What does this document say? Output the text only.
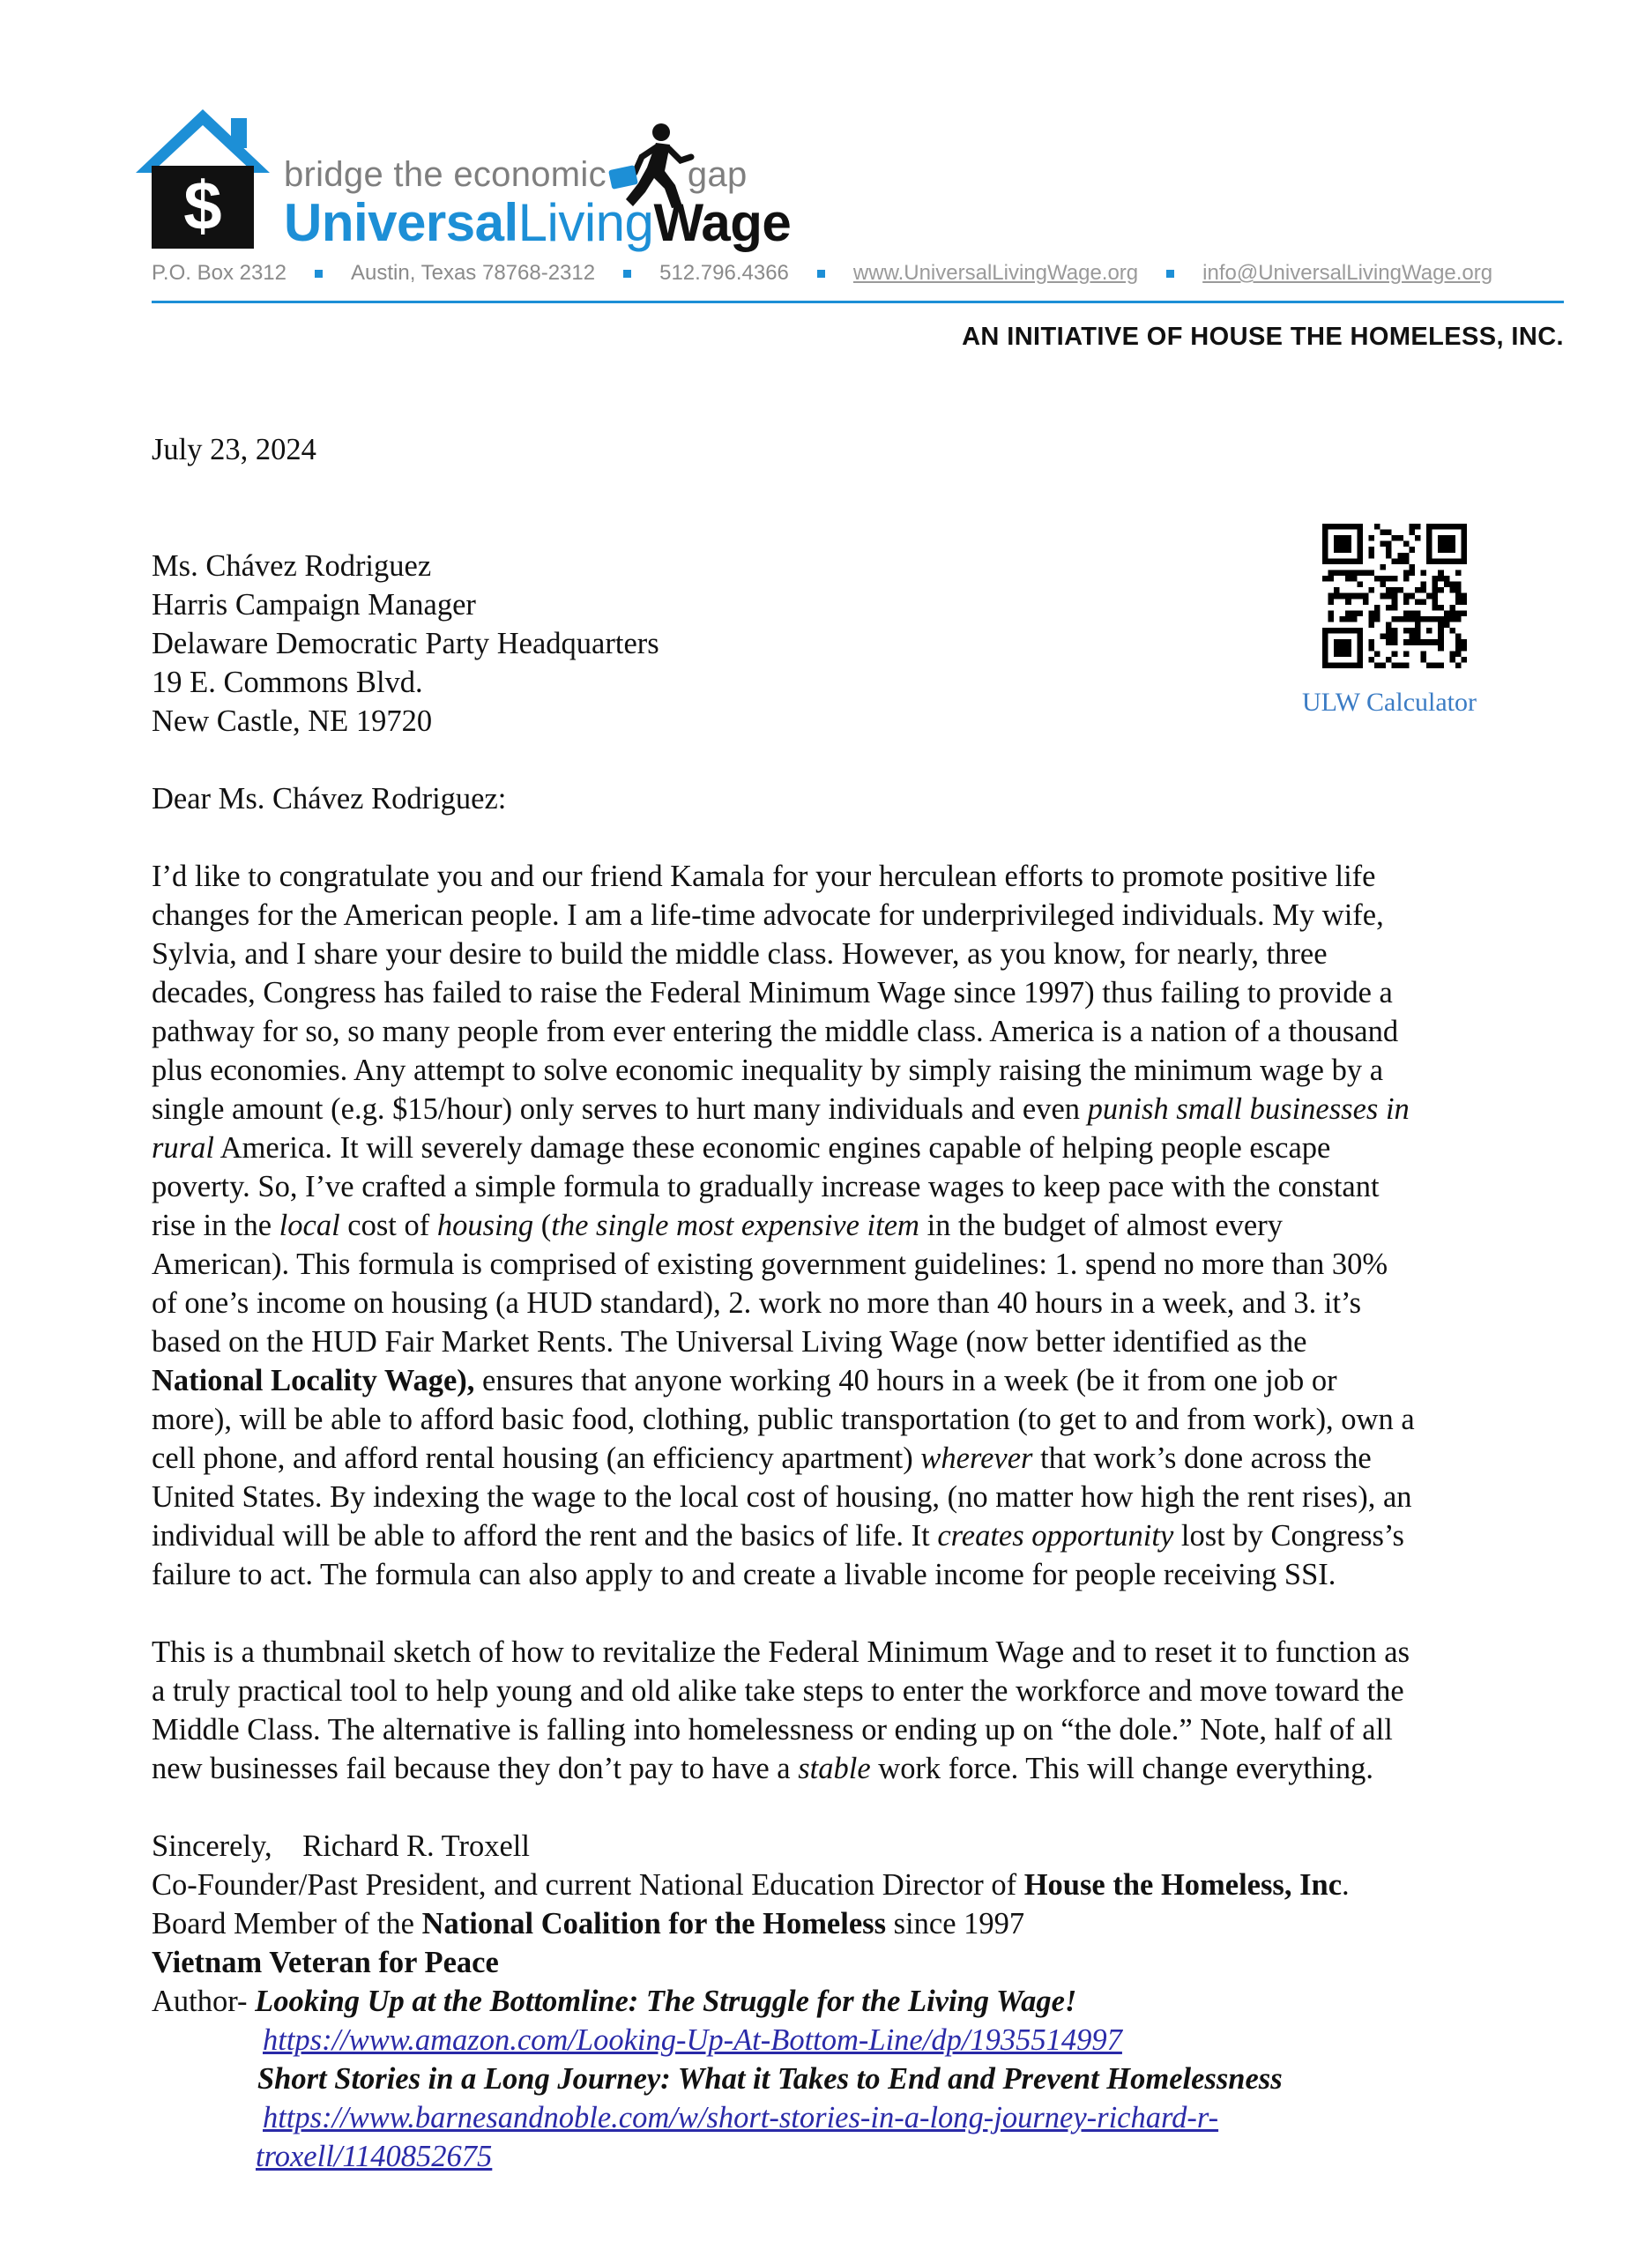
$ bridge the economic gap
UniversalLivingWage
P.O. Box 2312	Austin, Texas 78768-2312	512.796.4366	www.UniversalLivingWage.org	info@UniversalLivingWage.org
AN INITIATIVE OF HOUSE THE HOMELESS, INC.
ULW Calculator
July 23, 2024
Ms. Chávez Rodriguez
Harris Campaign Manager
Delaware Democratic Party Headquarters
19 E. Commons Blvd.
New Castle, NE 19720
Dear Ms. Chávez Rodriguez:
I’d like to congratulate you and our friend Kamala for your herculean efforts to promote positive life
changes for the American people. I am a life-time advocate for underprivileged individuals. My wife,
Sylvia, and I share your desire to build the middle class. However, as you know, for nearly, three
decades, Congress has failed to raise the Federal Minimum Wage since 1997) thus failing to provide a
pathway for so, so many people from ever entering the middle class. America is a nation of a thousand
plus economies. Any attempt to solve economic inequality by simply raising the minimum wage by a
single amount (e.g. $15/hour) only serves to hurt many individuals and even punish small businesses in
rural America. It will severely damage these economic engines capable of helping people escape
poverty. So, I’ve crafted a simple formula to gradually increase wages to keep pace with the constant
rise in the local cost of housing (the single most expensive item in the budget of almost every
American). This formula is comprised of existing government guidelines: 1. spend no more than 30%
of one’s income on housing (a HUD standard), 2. work no more than 40 hours in a week, and 3. it’s
based on the HUD Fair Market Rents. The Universal Living Wage (now better identified as the
National Locality Wage), ensures that anyone working 40 hours in a week (be it from one job or
more), will be able to afford basic food, clothing, public transportation (to get to and from work), own a
cell phone, and afford rental housing (an efficiency apartment) wherever that work’s done across the
United States. By indexing the wage to the local cost of housing, (no matter how high the rent rises), an
individual will be able to afford the rent and the basics of life. It creates opportunity lost by Congress’s
failure to act. The formula can also apply to and create a livable income for people receiving SSI.
This is a thumbnail sketch of how to revitalize the Federal Minimum Wage and to reset it to function as
a truly practical tool to help young and old alike take steps to enter the workforce and move toward the
Middle Class. The alternative is falling into homelessness or ending up on “the dole.” Note, half of all
new businesses fail because they don’t pay to have a stable work force. This will change everything.
Sincerely, Richard R. Troxell
Co-Founder/Past President, and current National Education Director of House the Homeless, Inc.
Board Member of the National Coalition for the Homeless since 1997
Vietnam Veteran for Peace
Author- Looking Up at the Bottomline: The Struggle for the Living Wage!
https://www.amazon.com/Looking-Up-At-Bottom-Line/dp/1935514997
Short Stories in a Long Journey: What it Takes to End and Prevent Homelessness
https://www.barnesandnoble.com/w/short-stories-in-a-long-journey-richard-r-
troxell/1140852675
